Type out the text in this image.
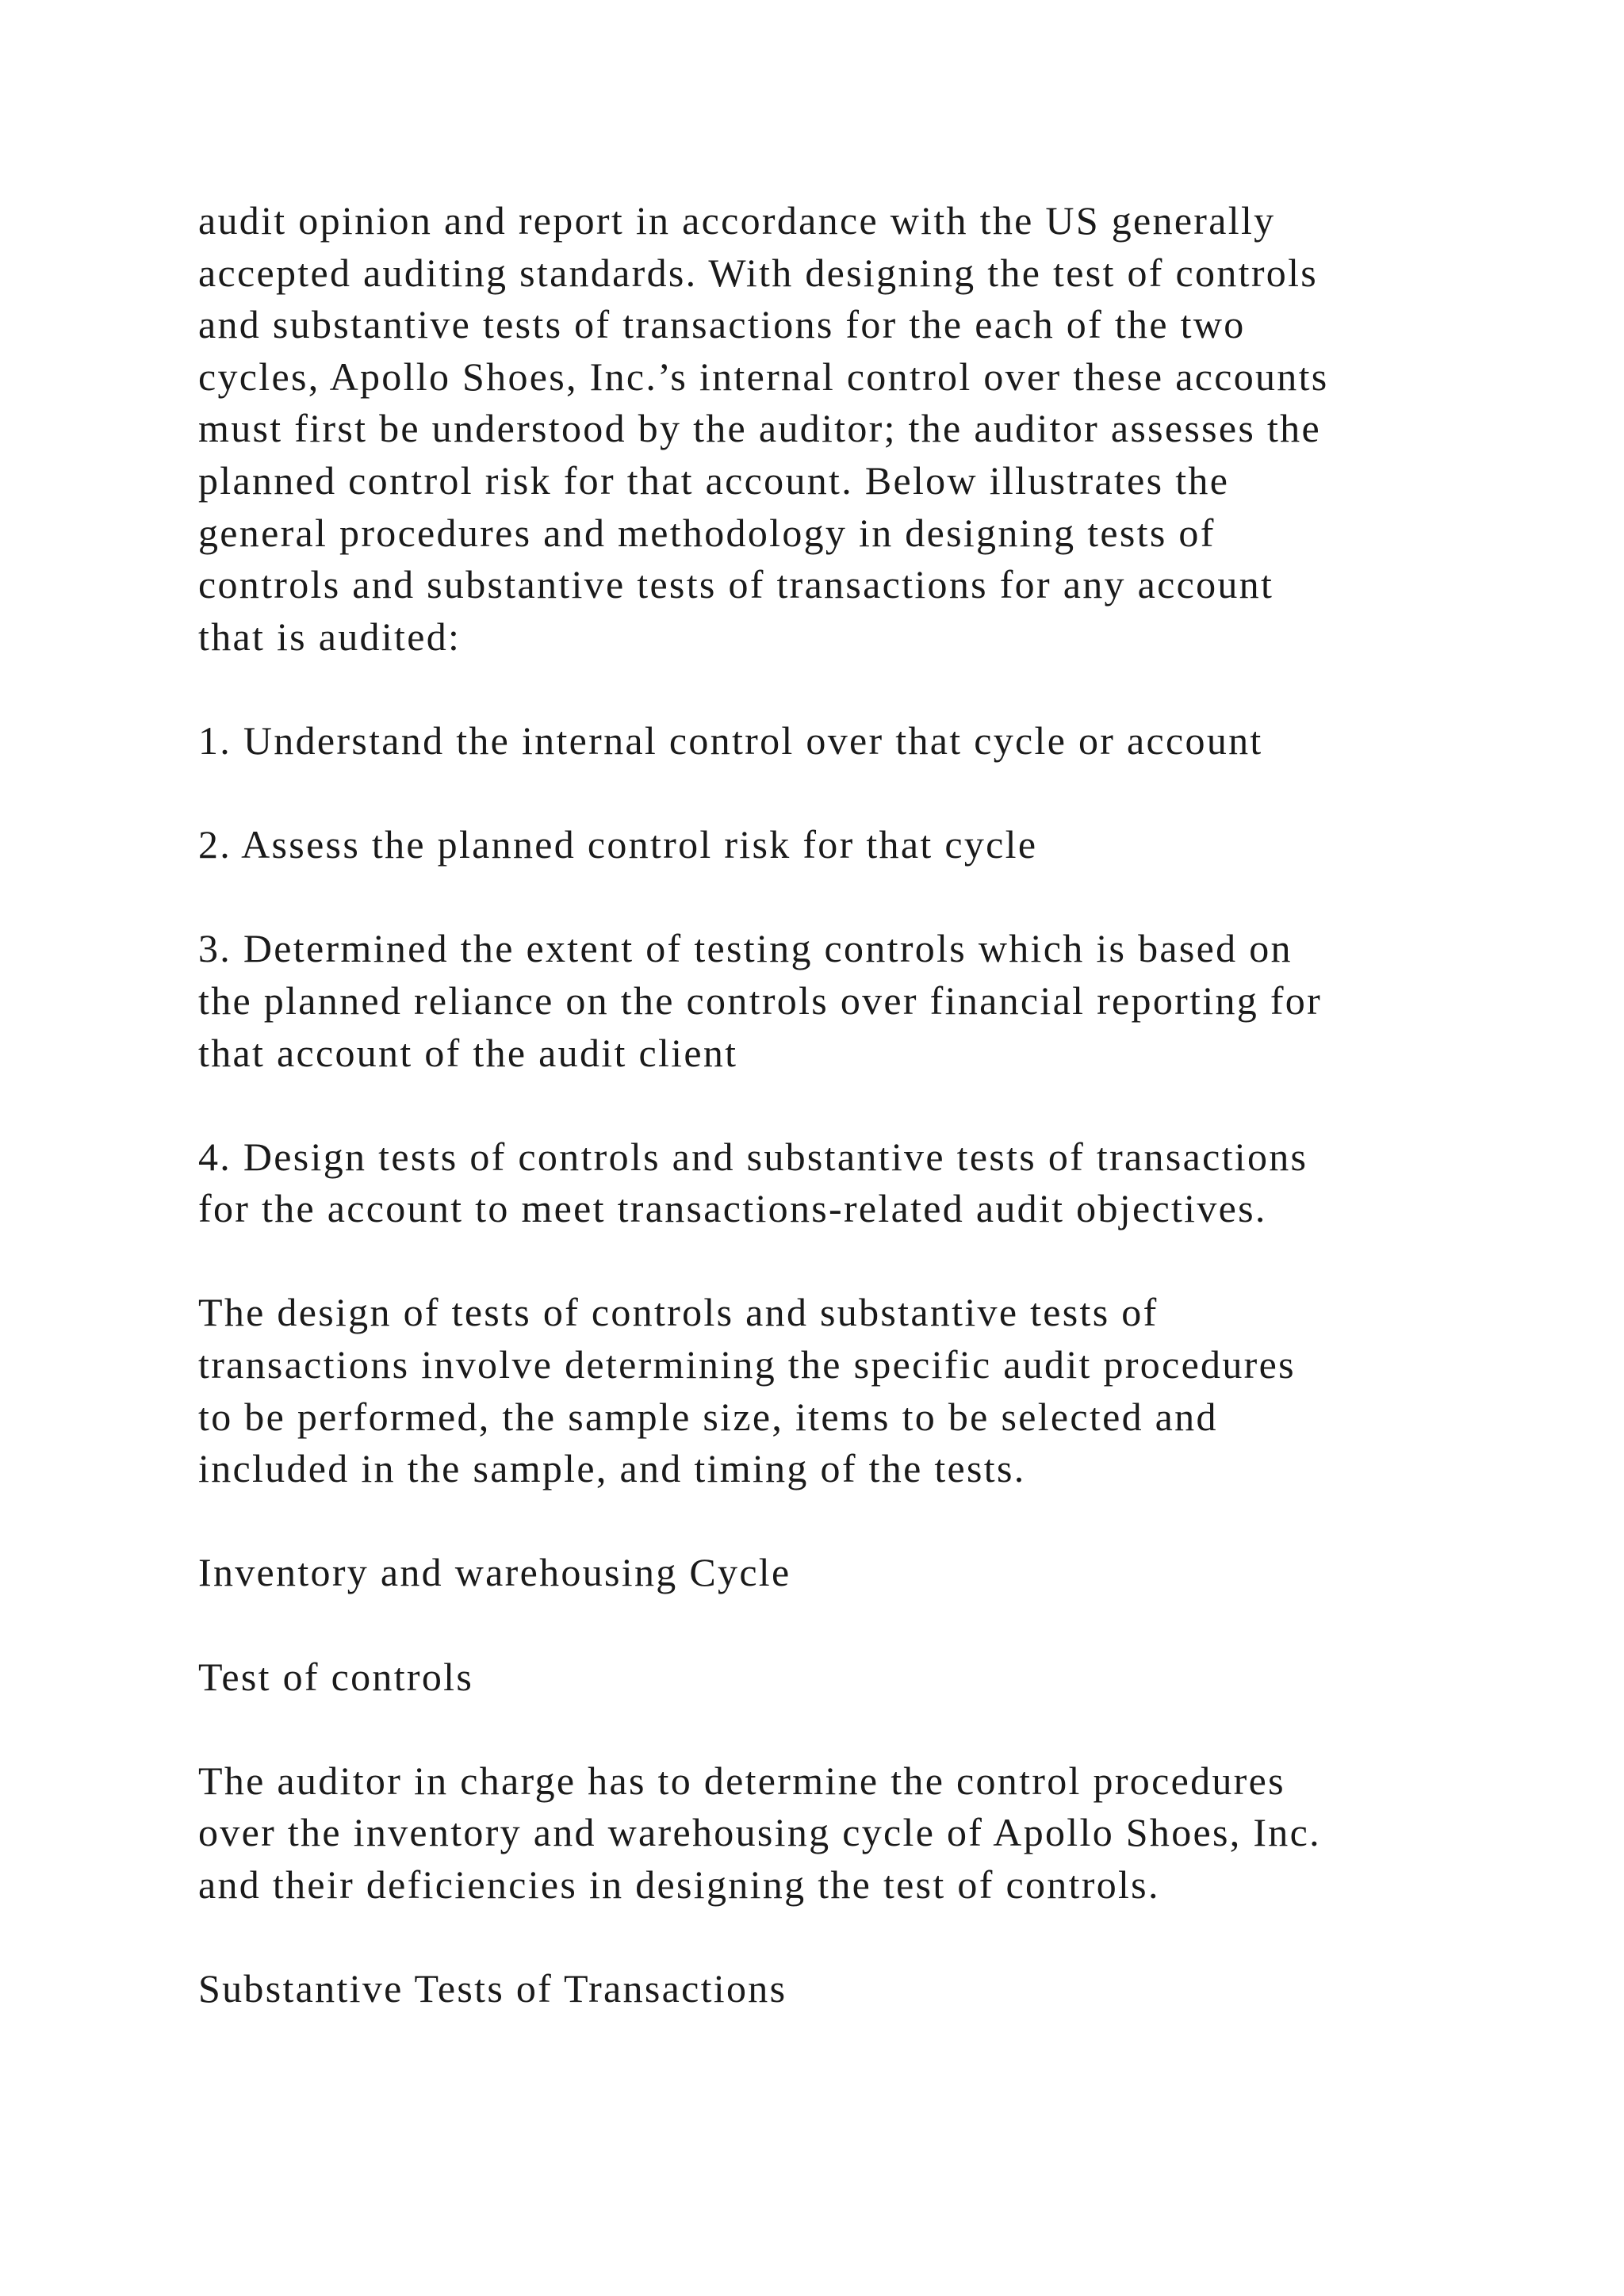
audit opinion and report in accordance with the US generally
accepted auditing standards. With designing the test of controls
and substantive tests of transactions for the each of the two
cycles, Apollo Shoes, Inc.’s internal control over these accounts
must first be understood by the auditor; the auditor assesses the
planned control risk for that account. Below illustrates the
general procedures and methodology in designing tests of
controls and substantive tests of transactions for any account
that is audited:

1. Understand the internal control over that cycle or account

2. Assess the planned control risk for that cycle

3. Determined the extent of testing controls which is based on
the planned reliance on the controls over financial reporting for
that account of the audit client

4. Design tests of controls and substantive tests of transactions
for the account to meet transactions-related audit objectives.

The design of tests of controls and substantive tests of
transactions involve determining the specific audit procedures
to be performed, the sample size, items to be selected and
included in the sample, and timing of the tests.

Inventory and warehousing Cycle

Test of controls

The auditor in charge has to determine the control procedures
over the inventory and warehousing cycle of Apollo Shoes, Inc.
and their deficiencies in designing the test of controls.

Substantive Tests of Transactions
